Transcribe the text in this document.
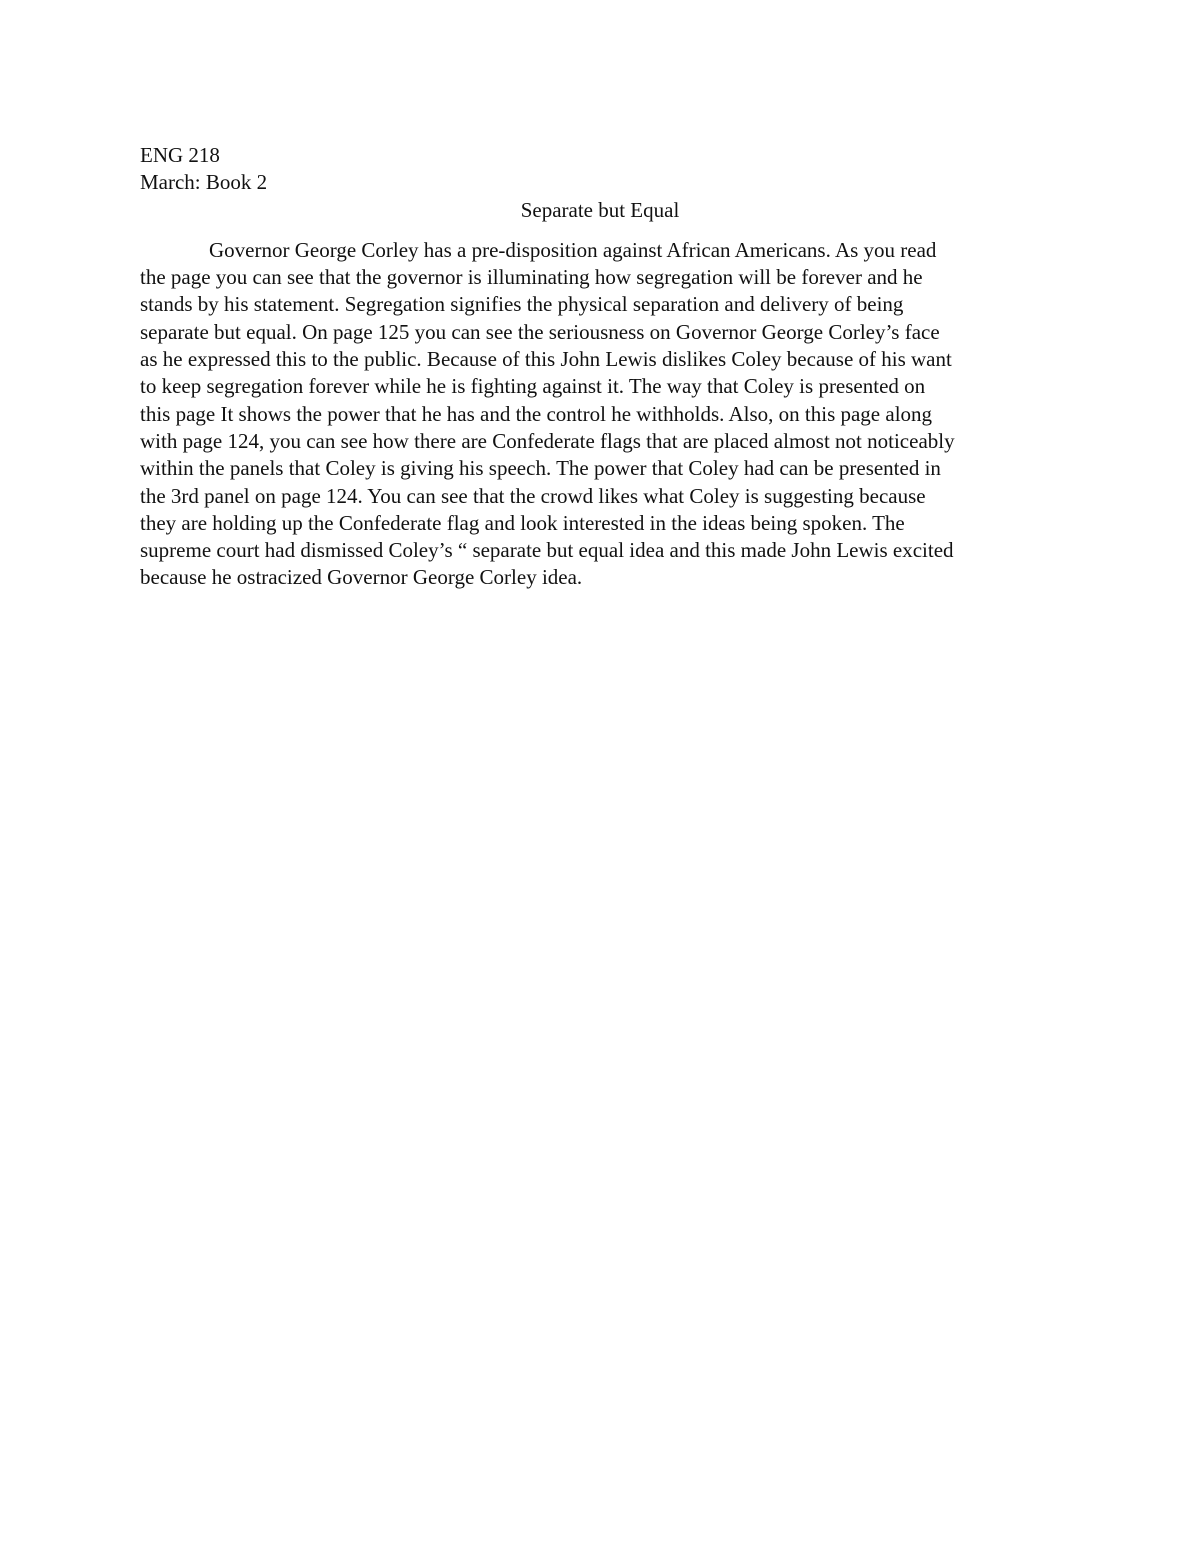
ENG 218
March: Book 2
Separate but Equal
Governor George Corley has a pre-disposition against African Americans. As you read
the page you can see that the governor is illuminating how segregation will be forever and he
stands by his statement. Segregation signifies the physical separation and delivery of being
separate but equal. On page 125 you can see the seriousness on Governor George Corley’s face
as he expressed this to the public. Because of this John Lewis dislikes Coley because of his want
to keep segregation forever while he is fighting against it. The way that Coley is presented on
this page It shows the power that he has and the control he withholds. Also, on this page along
with page 124, you can see how there are Confederate flags that are placed almost not noticeably
within the panels that Coley is giving his speech. The power that Coley had can be presented in
the 3rd panel on page 124. You can see that the crowd likes what Coley is suggesting because
they are holding up the Confederate flag and look interested in the ideas being spoken. The
supreme court had dismissed Coley’s “ separate but equal idea and this made John Lewis excited
because he ostracized Governor George Corley idea.
